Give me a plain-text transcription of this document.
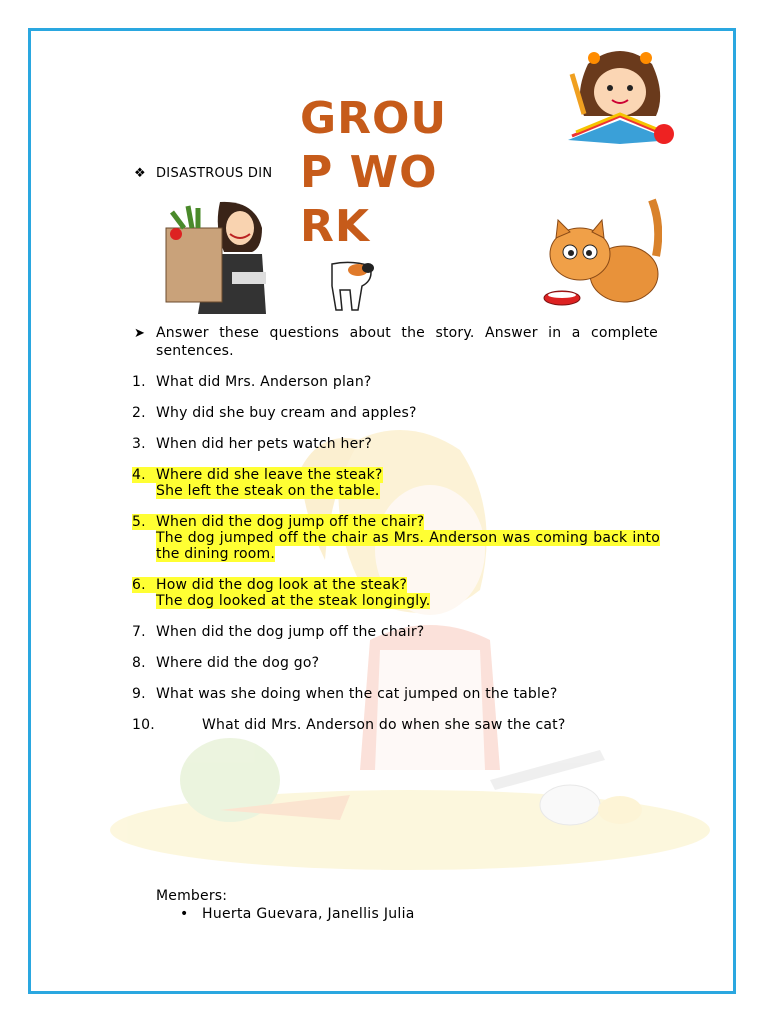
GROUP WORK
❖ DISASTROUS DIN
➤ Answer these questions about the story. Answer in a complete sentences.
1. What did Mrs. Anderson plan?
2. Why did she buy cream and apples?
3. When did her pets watch her?
4. Where did she leave the steak?
She left the steak on the table.
5. When did the dog jump off the chair?
The dog jumped off the chair as Mrs. Anderson was coming back into the dining room.
6. How did the dog look at the steak?
The dog looked at the steak longingly.
7. When did the dog jump off the chair?
8. Where did the dog go?
9. What was she doing when the cat jumped on the table?
10.	What did Mrs. Anderson do when she saw the cat?
Members:
• Huerta Guevara, Janellis Julia
